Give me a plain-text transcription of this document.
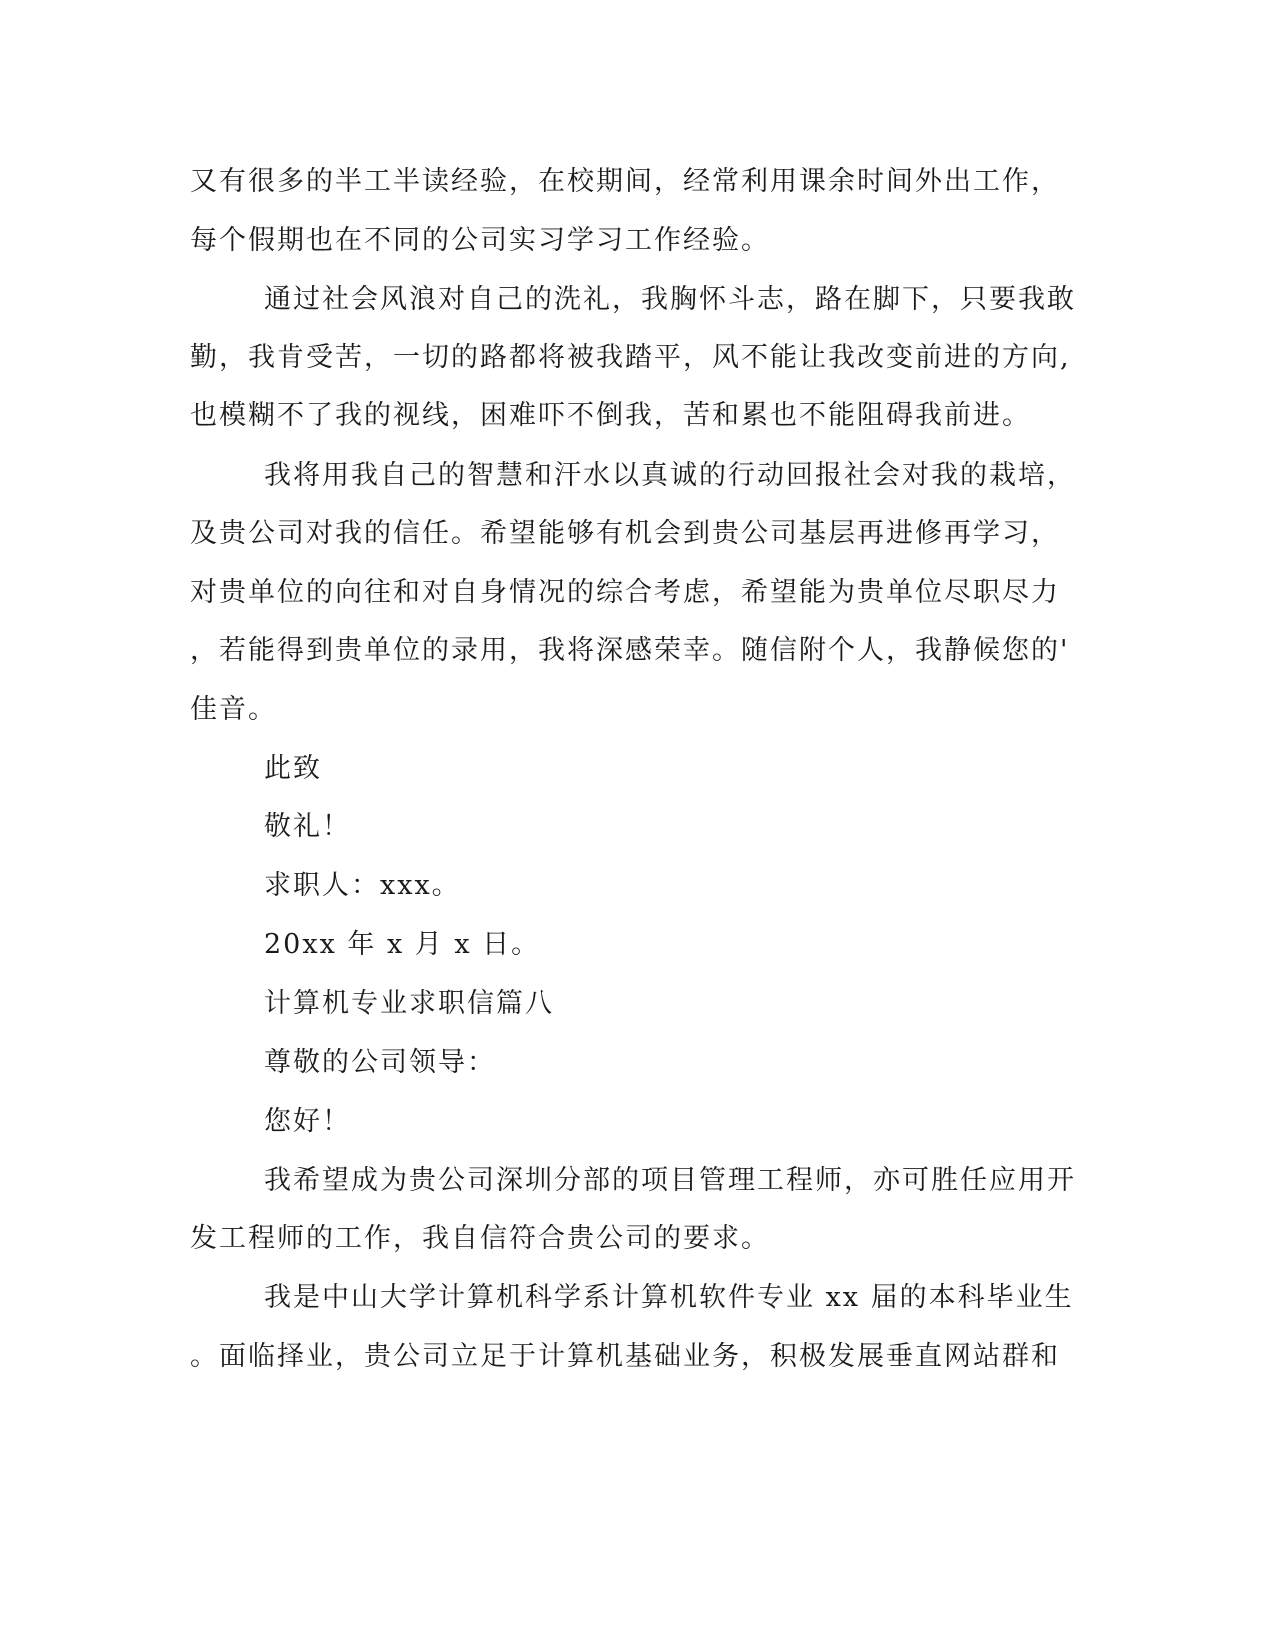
又有很多的半工半读经验，在校期间，经常利用课余时间外出工作，
每个假期也在不同的公司实习学习工作经验。
通过社会风浪对自己的洗礼，我胸怀斗志，路在脚下，只要我敢
勤，我肯受苦，一切的路都将被我踏平，风不能让我改变前进的方向,
也模糊不了我的视线，困难吓不倒我，苦和累也不能阻碍我前进。
我将用我自己的智慧和汗水以真诚的行动回报社会对我的栽培，
及贵公司对我的信任。希望能够有机会到贵公司基层再进修再学习，
对贵单位的向往和对自身情况的综合考虑，希望能为贵单位尽职尽力
，若能得到贵单位的录用，我将深感荣幸。随信附个人，我静候您的'
佳音。
此致
敬礼！
求职人：xxx。
20xx 年 x 月 x 日。
计算机专业求职信篇八
尊敬的公司领导：
您好！
我希望成为贵公司深圳分部的项目管理工程师，亦可胜任应用开
发工程师的工作，我自信符合贵公司的要求。
我是中山大学计算机科学系计算机软件专业 xx 届的本科毕业生
。面临择业，贵公司立足于计算机基础业务，积极发展垂直网站群和
